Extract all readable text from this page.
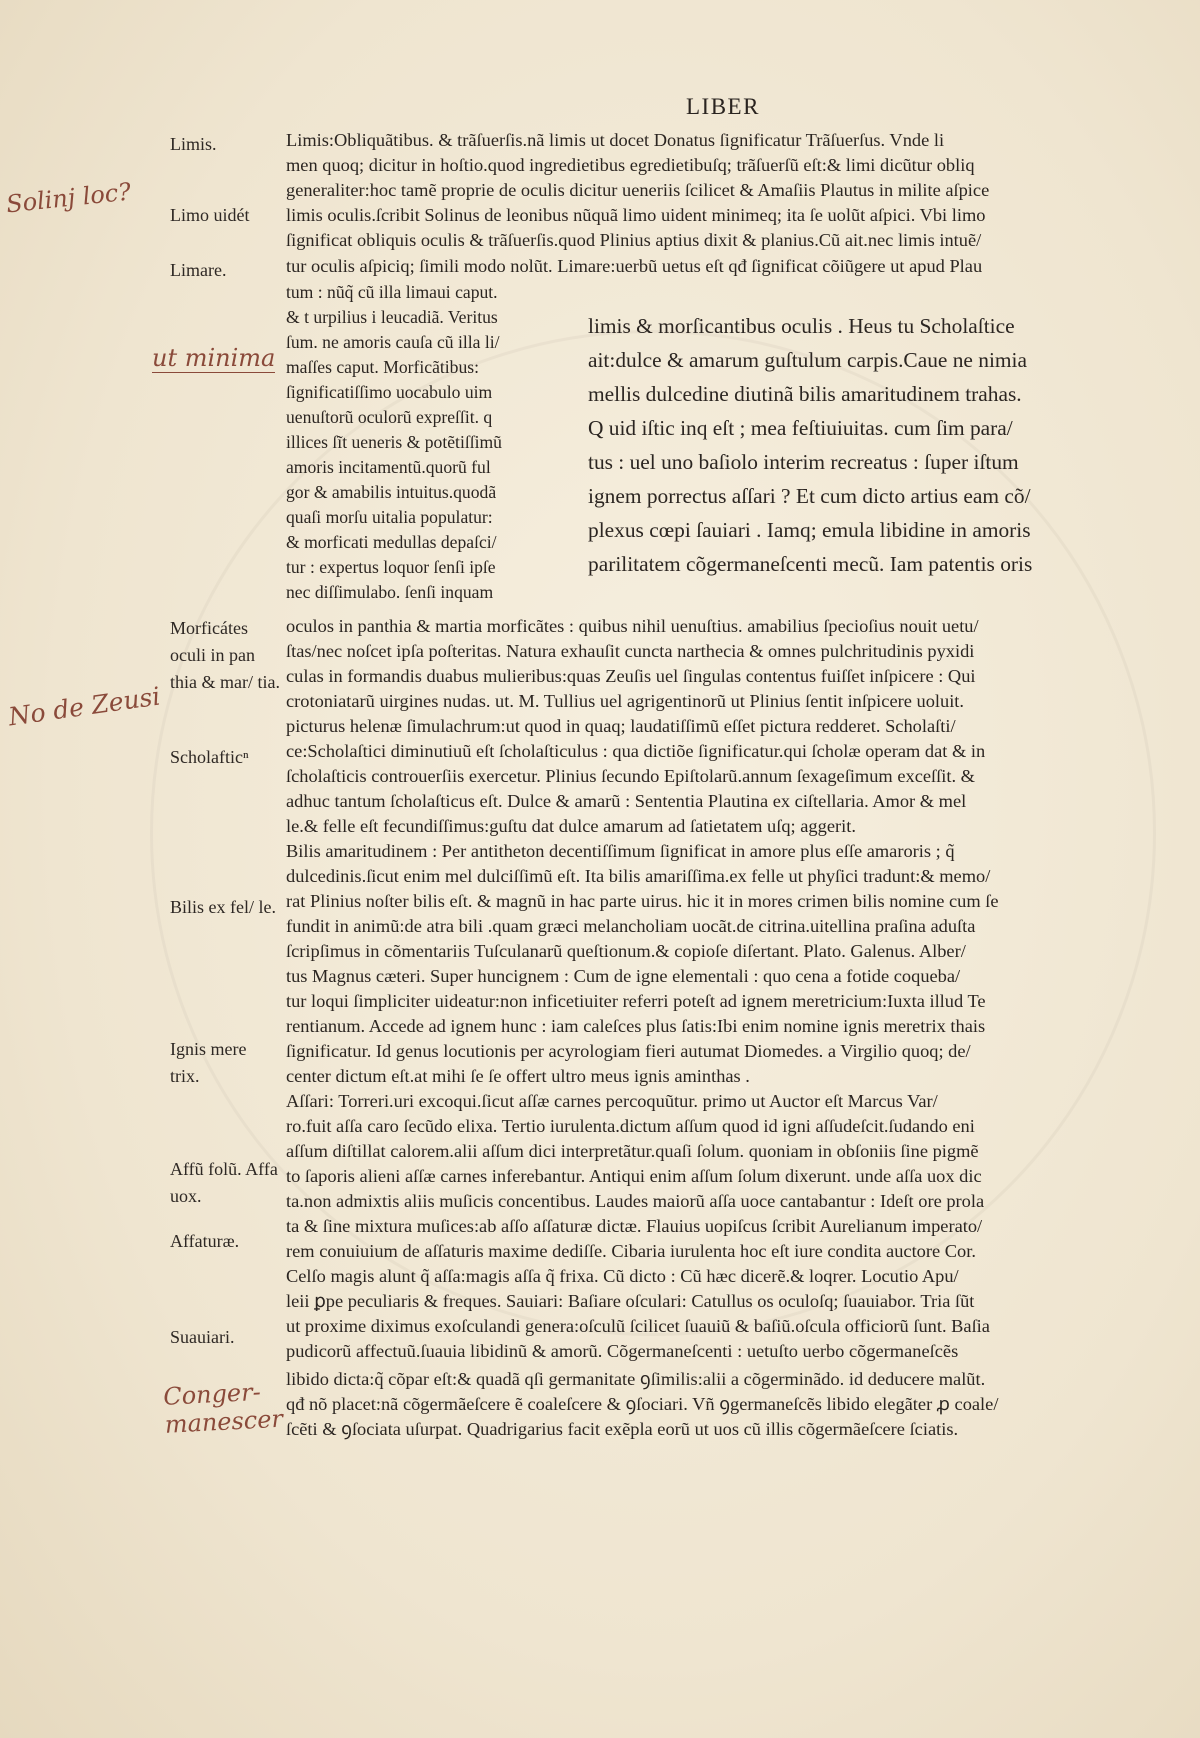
LIBER
Solinj loc?
ut minima
No de Zeusi
Conger- manescer
Limis.
Limo uidét
Limare.
Morficátes oculi in pan thia & mar/ tia.
Scholafticⁿ
Bilis ex fel/ le.
Ignis mere trix.
Affũ folũ. Affa uox.
Affaturæ.
Suauiari.
Limis:Obliquãtibus. & trãſuerſis.nã limis ut docet Donatus ſignificatur Trãſuerſus. Vnde li
men quoq; dicitur in hoſtio.quod ingredietibus egredietibuſq; trãſuerſũ eſt:& limi dicũtur obliq
generaliter:hoc tamẽ proprie de oculis dicitur ueneriis ſcilicet & Amaſiis Plautus in milite aſpice
limis oculis.ſcribit Solinus de leonibus nũquã limo uident minimeq; ita ſe uolũt aſpici. Vbi limo
ſignificat obliquis oculis & trãſuerſis.quod Plinius aptius dixit & planius.Cũ ait.nec limis intuẽ/
tur oculis aſpiciq; ſimili modo nolũt. Limare:uerbũ uetus eſt qđ ſignificat cõiũgere ut apud Plau
tum : nũq̃ cũ illa limaui caput.
& t urpilius i leucadiã. Veritus
ſum. ne amoris cauſa cũ illa li/
maſſes caput. Morficãtibus:
ſignificatiſſimo uocabulo uim
uenuſtorũ oculorũ expreſſit. q
illices ſĩt ueneris & potẽtiſſimũ
amoris incitamentũ.quorũ ful
gor & amabilis intuitus.quodã
quaſi morſu uitalia populatur:
& morficati medullas depaſci/
tur : expertus loquor ſenſi ipſe
nec diſſimulabo. ſenſi inquam
limis & morſicantibus oculis . Heus tu Scholaſtice
ait:dulce & amarum guſtulum carpis.Caue ne nimia
mellis dulcedine diutinã bilis amaritudinem trahas.
Q uid iſtic inq eſt ; mea feſtiuiuitas. cum ſim para/
tus : uel uno baſiolo interim recreatus : ſuper iſtum
ignem porrectus aſſari ? Et cum dicto artius eam cõ/
plexus cœpi ſauiari . Iamq; emula libidine in amoris
parilitatem cõgermaneſcenti mecũ. Iam patentis oris
oculos in panthia & martia morficãtes : quibus nihil uenuſtius. amabilius ſpecioſius nouit uetu/
ſtas/nec noſcet ipſa poſteritas. Natura exhauſit cuncta narthecia & omnes pulchritudinis pyxidi
culas in formandis duabus mulieribus:quas Zeuſis uel ſingulas contentus fuiſſet inſpicere : Qui
crotoniatarũ uirgines nudas. ut. M. Tullius uel agrigentinorũ ut Plinius ſentit inſpicere uoluit.
picturus helenæ ſimulachrum:ut quod in quaq; laudatiſſimũ eſſet pictura redderet. Scholaſti/
ce:Scholaſtici diminutiuũ eſt ſcholaſticulus : qua dictiõe ſignificatur.qui ſcholæ operam dat & in
ſcholaſticis controuerſiis exercetur. Plinius ſecundo Epiſtolarũ.annum ſexageſimum exceſſit. &
adhuc tantum ſcholaſticus eſt. Dulce & amarũ : Sententia Plautina ex ciſtellaria. Amor & mel
le.& felle eſt fecundiſſimus:guſtu dat dulce amarum ad ſatietatem uſq; aggerit.
Bilis amaritudinem : Per antitheton decentiſſimum ſignificat in amore plus eſſe amaroris ; q̃
dulcedinis.ſicut enim mel dulciſſimũ eſt. Ita bilis amariſſima.ex felle ut phyſici tradunt:& memo/
rat Plinius noſter bilis eſt. & magnũ in hac parte uirus. hic it in mores crimen bilis nomine cum ſe
fundit in animũ:de atra bili .quam græci melancholiam uocãt.de citrina.uitellina praſina aduſta
ſcripſimus in cõmentariis Tuſculanarũ queſtionum.& copioſe diſertant. Plato. Galenus. Alber/
tus Magnus cæteri. Super huncignem : Cum de igne elementali : quo cena a fotide coqueba/
tur loqui ſimpliciter uideatur:non inficetiuiter referri poteſt ad ignem meretricium:Iuxta illud Te
rentianum. Accede ad ignem hunc : iam caleſces plus ſatis:Ibi enim nomine ignis meretrix thais
ſignificatur. Id genus locutionis per acyrologiam fieri autumat Diomedes. a Virgilio quoq; de/
center dictum eſt.at mihi ſe ſe offert ultro meus ignis aminthas .
Aſſari: Torreri.uri excoqui.ſicut aſſæ carnes percoquũtur. primo ut Auctor eſt Marcus Var/
ro.fuit aſſa caro ſecũdo elixa. Tertio iurulenta.dictum aſſum quod id igni aſſudeſcit.ſudando eni
aſſum diſtillat calorem.alii aſſum dici interpretãtur.quaſi ſolum. quoniam in obſoniis ſine pigmẽ
to ſaporis alieni aſſæ carnes inferebantur. Antiqui enim aſſum ſolum dixerunt. unde aſſa uox dic
ta.non admixtis aliis muſicis concentibus. Laudes maiorũ aſſa uoce cantabantur : Ideſt ore prola
ta & ſine mixtura muſices:ab aſſo aſſaturæ dictæ. Flauius uopiſcus ſcribit Aurelianum imperato/
rem conuiuium de aſſaturis maxime dediſſe. Cibaria iurulenta hoc eſt iure condita auctore Cor.
Celſo magis alunt q̃ aſſa:magis aſſa q̃ frixa. Cũ dicto : Cũ hæc dicerẽ.& loqrer. Locutio Apu/
leii ꝑpe peculiaris & freques. Sauiari: Baſiare oſculari: Catullus os oculoſq; ſuauiabor. Tria ſũt
ut proxime diximus exoſculandi genera:oſculũ ſcilicet ſuauiũ & baſiũ.oſcula officiorũ ſunt. Baſia
pudicorũ affectuũ.ſuauia libidinũ & amorũ. Cõgermaneſcenti : uetuſto uerbo cõgermaneſcẽs
libido dicta:q̃ cõpar eſt:& quadã qſi germanitate ꝯſimilis:alii a cõgerminãdo. id deducere malũt.
qđ nõ placet:nã cõgermãeſcere ẽ coaleſcere & ꝯſociari. Vñ ꝯgermaneſcẽs libido elegãter ꝓ coale/
ſcẽti & ꝯſociata uſurpat. Quadrigarius facit exẽpla eorũ ut uos cũ illis cõgermãeſcere ſciatis.
